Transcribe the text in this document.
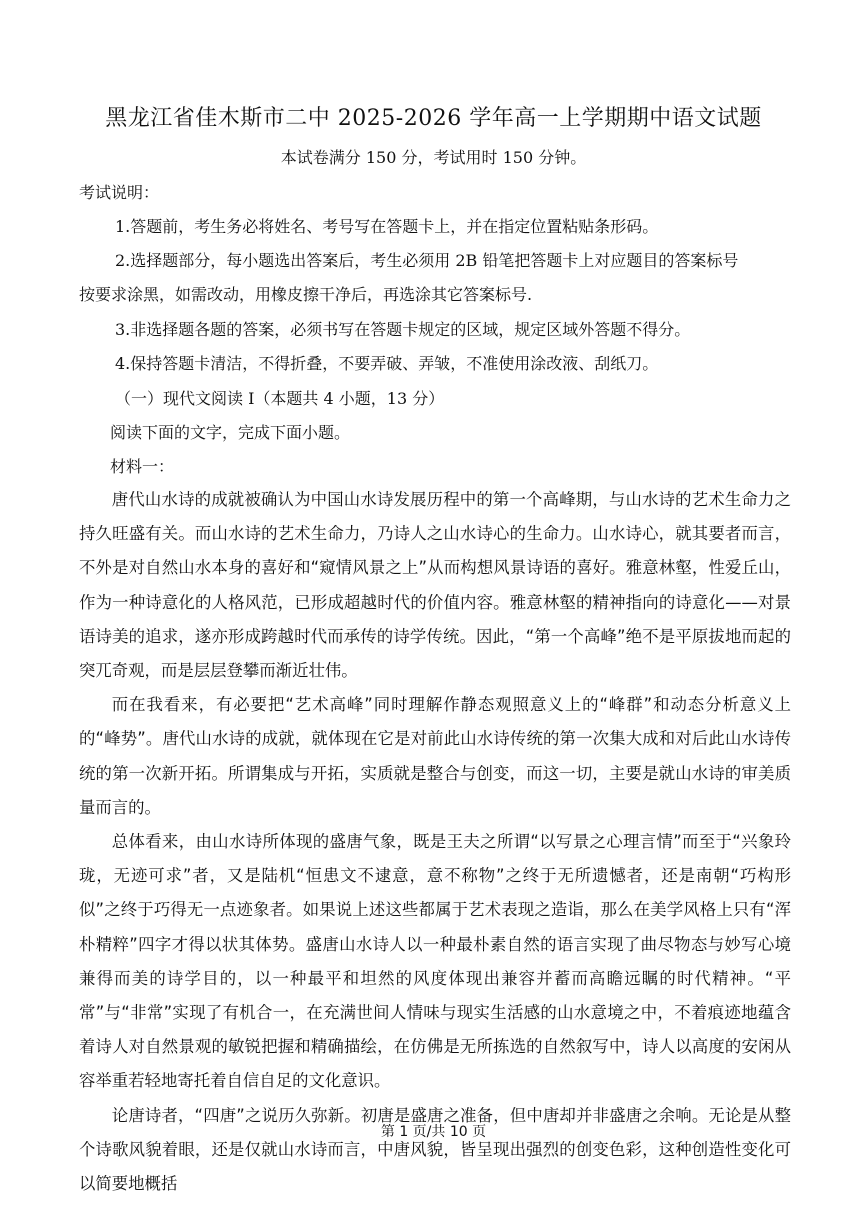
黑龙江省佳木斯市二中 2025-2026 学年高一上学期期中语文试题
本试卷满分 150 分，考试用时 150 分钟。
考试说明：
1.答题前，考生务必将姓名、考号写在答题卡上，并在指定位置粘贴条形码。
2.选择题部分，每小题选出答案后，考生必须用 2B 铅笔把答题卡上对应题目的答案标号
按要求涂黑，如需改动，用橡皮擦干净后，再选涂其它答案标号.
3.非选择题各题的答案，必须书写在答题卡规定的区域，规定区域外答题不得分。
4.保持答题卡清洁，不得折叠，不要弄破、弄皱，不准使用涂改液、刮纸刀。
（一）现代文阅读 I（本题共 4 小题，13 分）
阅读下面的文字，完成下面小题。
材料一：

唐代山水诗的成就被确认为中国山水诗发展历程中的第一个高峰期，与山水诗的艺术生命力之持久旺盛有关。而山水诗的艺术生命力，乃诗人之山水诗心的生命力。山水诗心，就其要者而言，不外是对自然山水本身的喜好和“窥情风景之上”从而构想风景诗语的喜好。雅意林壑，性爱丘山，作为一种诗意化的人格风范，已形成超越时代的价值内容。雅意林壑的精神指向的诗意化——对景语诗美的追求，遂亦形成跨越时代而承传的诗学传统。因此，“第一个高峰”绝不是平原拔地而起的突兀奇观，而是层层登攀而渐近壮伟。

而在我看来，有必要把“艺术高峰”同时理解作静态观照意义上的“峰群”和动态分析意义上的“峰势”。唐代山水诗的成就，就体现在它是对前此山水诗传统的第一次集大成和对后此山水诗传统的第一次新开拓。所谓集成与开拓，实质就是整合与创变，而这一切，主要是就山水诗的审美质量而言的。

总体看来，由山水诗所体现的盛唐气象，既是王夫之所谓“以写景之心理言情”而至于“兴象玲珑，无迹可求”者，又是陆机“恒患文不逮意，意不称物”之终于无所遗憾者，还是南朝“巧构形似”之终于巧得无一点迹象者。如果说上述这些都属于艺术表现之造诣，那么在美学风格上只有“浑朴精粹”四字才得以状其体势。盛唐山水诗人以一种最朴素自然的语言实现了曲尽物态与妙写心境兼得而美的诗学目的，以一种最平和坦然的风度体现出兼容并蓄而高瞻远瞩的时代精神。“平常”与“非常”实现了有机合一，在充满世间人情味与现实生活感的山水意境之中，不着痕迹地蕴含着诗人对自然景观的敏锐把握和精确描绘，在仿佛是无所拣选的自然叙写中，诗人以高度的安闲从容举重若轻地寄托着自信自足的文化意识。

论唐诗者，“四唐”之说历久弥新。初唐是盛唐之准备，但中唐却并非盛唐之余响。无论是从整个诗歌风貌着眼，还是仅就山水诗而言，中唐风貌，皆呈现出强烈的创变色彩，这种创造性变化可以简要地概括

第 1 页/共 10 页
